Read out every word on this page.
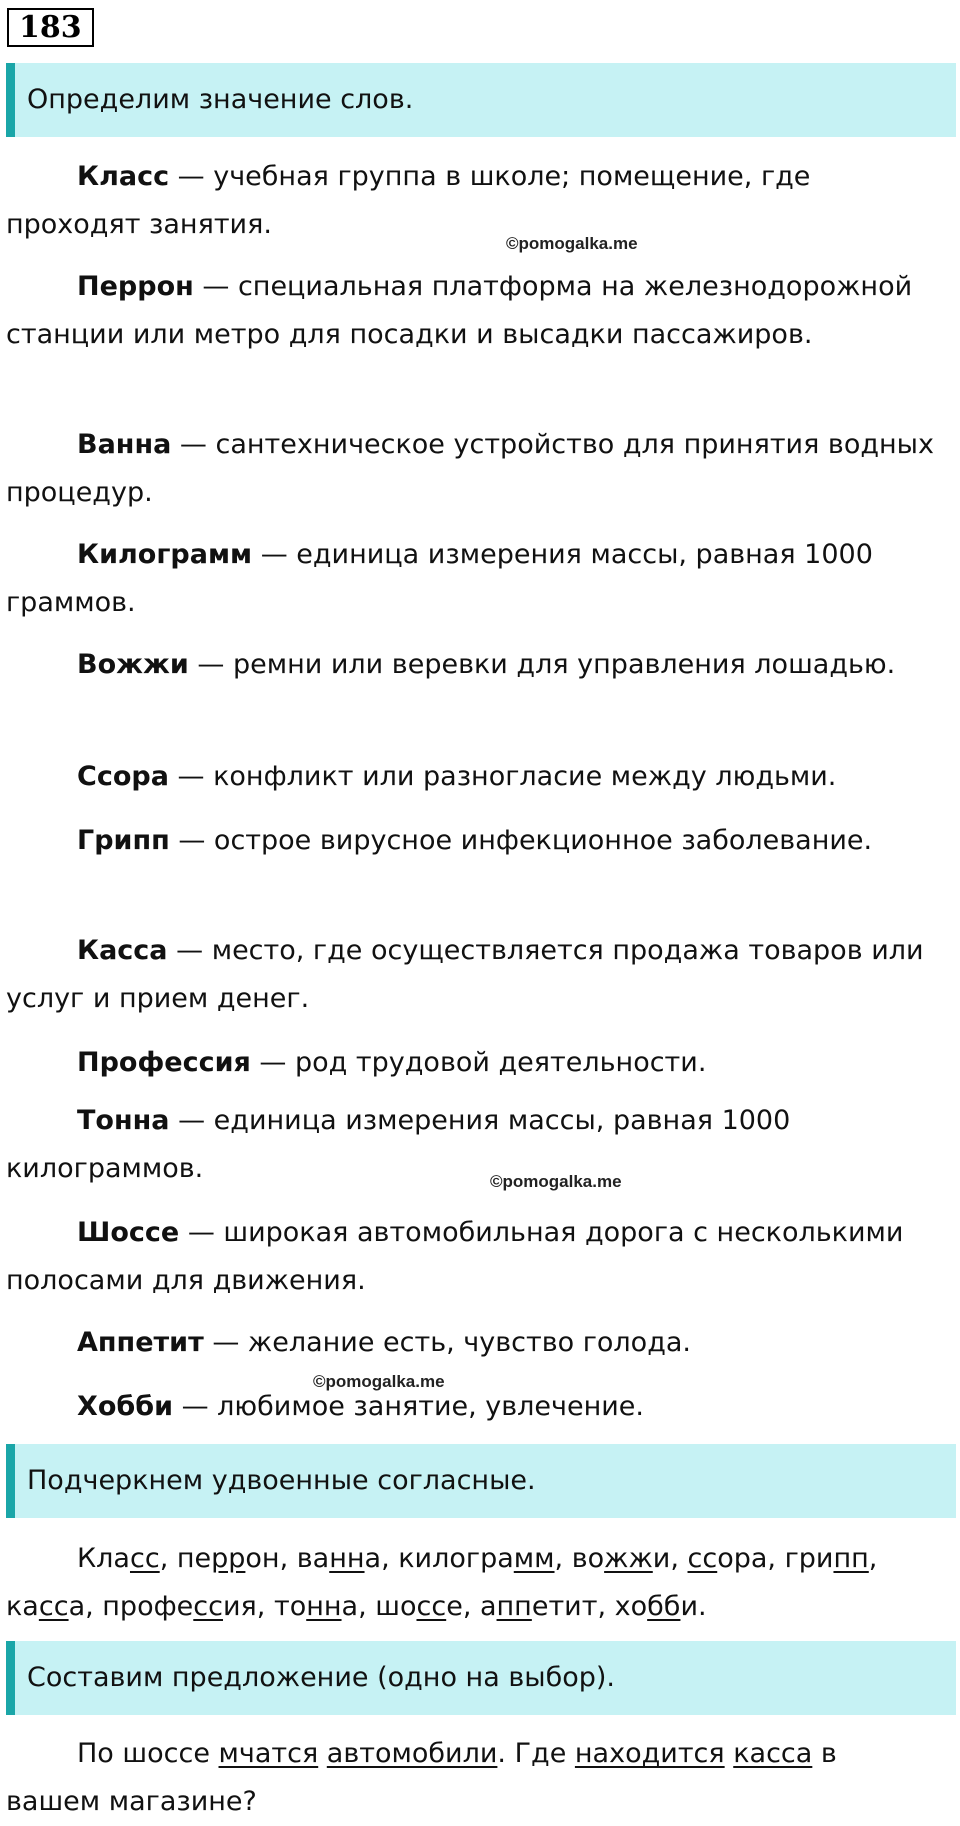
183
Определим значение слов.

Класс — учебная группа в школе; помещение, где проходят занятия.

Перрон — специальная платформа на железнодорожной станции или метро для посадки и высадки пассажиров.

Ванна — сантехническое устройство для принятия водных процедур.

Килограмм — единица измерения массы, равная 1000 граммов.

Вожжи — ремни или веревки для управления лошадью.

Ссора — конфликт или разногласие между людьми.

Грипп — острое вирусное инфекционное заболевание.

Касса — место, где осуществляется продажа товаров или услуг и прием денег.

Профессия — род трудовой деятельности.

Тонна — единица измерения массы, равная 1000 килограммов.

Шоссе — широкая автомобильная дорога с несколькими полосами для движения.

Аппетит — желание есть, чувство голода.

Хобби — любимое занятие, увлечение.

©pomogalka.me
©pomogalka.me
©pomogalka.me
Подчеркнем удвоенные согласные.

Класс, перрон, ванна, килограмм, вожжи, ссора, грипп, касса, профессия, тонна, шоссе, аппетит, хобби.

Составим предложение (одно на выбор).

По шоссе мчатся автомобили. Где находится касса в вашем магазине?
